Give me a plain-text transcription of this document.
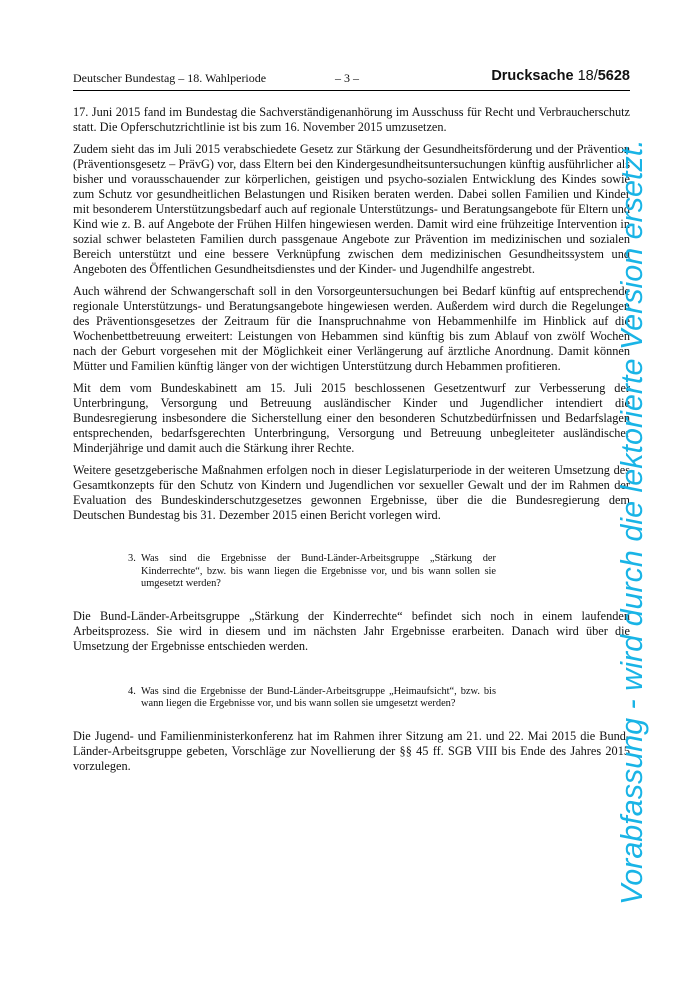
Deutscher Bundestag – 18. Wahlperiode	– 3 –	Drucksache 18/5628

17. Juni 2015 fand im Bundestag die Sachverständigenanhörung im Ausschuss für Recht und Verbraucherschutz statt. Die Opferschutzrichtlinie ist bis zum 16. November 2015 umzusetzen.

Zudem sieht das im Juli 2015 verabschiedete Gesetz zur Stärkung der Gesundheitsförderung und der Prävention (Präventionsgesetz – PrävG) vor, dass Eltern bei den Kindergesundheitsuntersuchungen künftig ausführlicher als bisher und vorausschauender zur körperlichen, geistigen und psycho-sozialen Entwicklung des Kindes sowie zum Schutz vor gesundheitlichen Belastungen und Risiken beraten werden. Dabei sollen Familien und Kinder mit besonderem Unterstützungsbedarf auch auf regionale Unterstützungs- und Beratungsangebote für Eltern und Kind wie z. B. auf Angebote der Frühen Hilfen hingewiesen werden. Damit wird eine frühzeitige Intervention in sozial schwer belasteten Familien durch passgenaue Angebote zur Prävention im medizinischen und sozialen Bereich unterstützt und eine bessere Verknüpfung zwischen dem medizinischen Gesundheitssystem und Angeboten des Öffentlichen Gesundheitsdienstes und der Kinder- und Jugendhilfe angestrebt.

Auch während der Schwangerschaft soll in den Vorsorgeuntersuchungen bei Bedarf künftig auf entsprechende regionale Unterstützungs- und Beratungsangebote hingewiesen werden. Außerdem wird durch die Regelungen des Präventionsgesetzes der Zeitraum für die Inanspruchnahme von Hebammenhilfe im Hinblick auf die Wochenbettbetreuung erweitert: Leistungen von Hebammen sind künftig bis zum Ablauf von zwölf Wochen nach der Geburt vorgesehen mit der Möglichkeit einer Verlängerung auf ärztliche Anordnung. Damit können Mütter und Familien künftig länger von der wichtigen Unterstützung durch Hebammen profitieren.

Mit dem vom Bundeskabinett am 15. Juli 2015 beschlossenen Gesetzentwurf zur Verbesserung der Unterbringung, Versorgung und Betreuung ausländischer Kinder und Jugendlicher intendiert die Bundesregierung insbesondere die Sicherstellung einer den besonderen Schutzbedürfnissen und Bedarfslagen entsprechenden, bedarfsgerechten Unterbringung, Versorgung und Betreuung unbegleiteter ausländischer Minderjährige und damit auch die Stärkung ihrer Rechte.

Weitere gesetzgeberische Maßnahmen erfolgen noch in dieser Legislaturperiode in der weiteren Umsetzung des Gesamtkonzepts für den Schutz von Kindern und Jugendlichen vor sexueller Gewalt und der im Rahmen der Evaluation des Bundeskinderschutzgesetzes gewonnen Ergebnisse, über die die Bundesregierung dem Deutschen Bundestag bis 31. Dezember 2015 einen Bericht vorlegen wird.

3. Was sind die Ergebnisse der Bund-Länder-Arbeitsgruppe „Stärkung der Kinderrechte“, bzw. bis wann liegen die Ergebnisse vor, und bis wann sollen sie umgesetzt werden?

Die Bund-Länder-Arbeitsgruppe „Stärkung der Kinderrechte“ befindet sich noch in einem laufenden Arbeitsprozess. Sie wird in diesem und im nächsten Jahr Ergebnisse erarbeiten. Danach wird über die Umsetzung der Ergebnisse entschieden werden.

4. Was sind die Ergebnisse der Bund-Länder-Arbeitsgruppe „Heimaufsicht“, bzw. bis wann liegen die Ergebnisse vor, und bis wann sollen sie umgesetzt werden?

Die Jugend- und Familienministerkonferenz hat im Rahmen ihrer Sitzung am 21. und 22. Mai 2015 die Bund-Länder-Arbeitsgruppe gebeten, Vorschläge zur Novellierung der §§ 45 ff. SGB VIII bis Ende des Jahres 2015 vorzulegen.	Vorabfassung - wird durch die lektorierte Version ersetzt.
